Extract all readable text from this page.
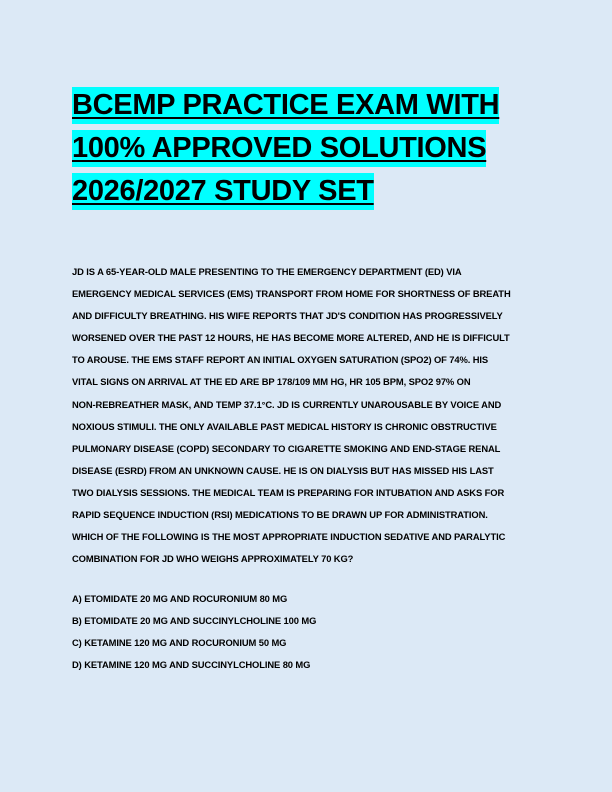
BCEMP PRACTICE EXAM WITH
100% APPROVED SOLUTIONS
2026/2027 STUDY SET
JD IS A 65-YEAR-OLD MALE PRESENTING TO THE EMERGENCY DEPARTMENT (ED) VIA
EMERGENCY MEDICAL SERVICES (EMS) TRANSPORT FROM HOME FOR SHORTNESS OF BREATH
AND DIFFICULTY BREATHING. HIS WIFE REPORTS THAT JD'S CONDITION HAS PROGRESSIVELY
WORSENED OVER THE PAST 12 HOURS, HE HAS BECOME MORE ALTERED, AND HE IS DIFFICULT
TO AROUSE. THE EMS STAFF REPORT AN INITIAL OXYGEN SATURATION (SPO2) OF 74%. HIS
VITAL SIGNS ON ARRIVAL AT THE ED ARE BP 178/109 MM HG, HR 105 BPM, SPO2 97% ON
NON-REBREATHER MASK, AND TEMP 37.1°C. JD IS CURRENTLY UNAROUSABLE BY VOICE AND
NOXIOUS STIMULI. THE ONLY AVAILABLE PAST MEDICAL HISTORY IS CHRONIC OBSTRUCTIVE
PULMONARY DISEASE (COPD) SECONDARY TO CIGARETTE SMOKING AND END-STAGE RENAL
DISEASE (ESRD) FROM AN UNKNOWN CAUSE. HE IS ON DIALYSIS BUT HAS MISSED HIS LAST
TWO DIALYSIS SESSIONS. THE MEDICAL TEAM IS PREPARING FOR INTUBATION AND ASKS FOR
RAPID SEQUENCE INDUCTION (RSI) MEDICATIONS TO BE DRAWN UP FOR ADMINISTRATION.
WHICH OF THE FOLLOWING IS THE MOST APPROPRIATE INDUCTION SEDATIVE AND PARALYTIC
COMBINATION FOR JD WHO WEIGHS APPROXIMATELY 70 KG?
A) ETOMIDATE 20 MG AND ROCURONIUM 80 MG
B) ETOMIDATE 20 MG AND SUCCINYLCHOLINE 100 MG
C) KETAMINE 120 MG AND ROCURONIUM 50 MG
D) KETAMINE 120 MG AND SUCCINYLCHOLINE 80 MG
